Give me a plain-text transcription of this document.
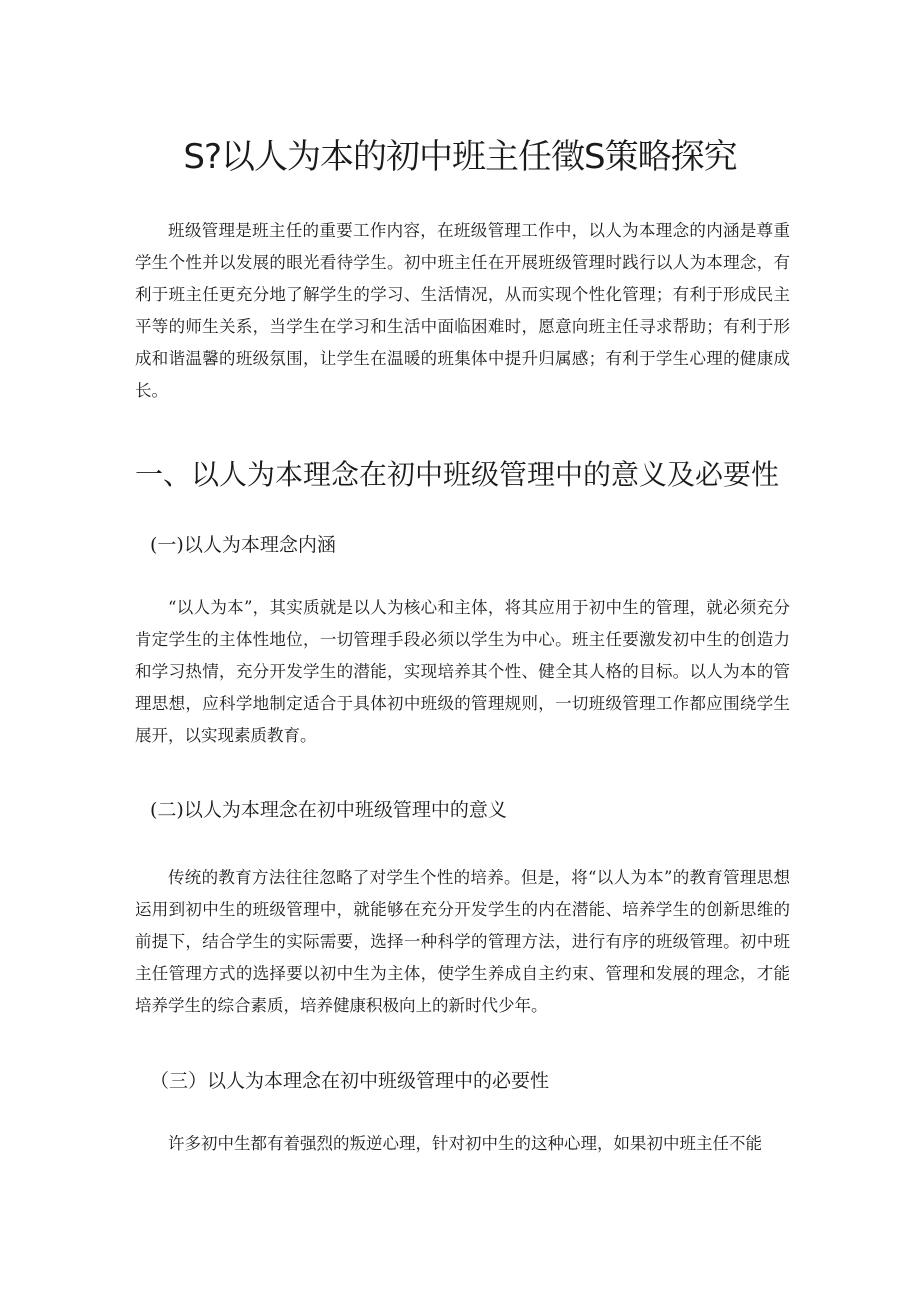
S?以人为本的初中班主任徵S策略探究

班级管理是班主任的重要工作内容，在班级管理工作中，以人为本理念的内涵是尊重学生个性并以发展的眼光看待学生。初中班主任在开展班级管理时践行以人为本理念，有利于班主任更充分地了解学生的学习、生活情况，从而实现个性化管理；有利于形成民主平等的师生关系，当学生在学习和生活中面临困难时，愿意向班主任寻求帮助；有利于形成和谐温馨的班级氛围，让学生在温暖的班集体中提升归属感；有利于学生心理的健康成长。

一、以人为本理念在初中班级管理中的意义及必要性
(一)以人为本理念内涵

“以人为本”，其实质就是以人为核心和主体，将其应用于初中生的管理，就必须充分肯定学生的主体性地位，一切管理手段必须以学生为中心。班主任要激发初中生的创造力和学习热情，充分开发学生的潜能，实现培养其个性、健全其人格的目标。以人为本的管理思想，应科学地制定适合于具体初中班级的管理规则，一切班级管理工作都应围绕学生展开，以实现素质教育。

(二)以人为本理念在初中班级管理中的意义

传统的教育方法往往忽略了对学生个性的培养。但是，将“以人为本”的教育管理思想运用到初中生的班级管理中，就能够在充分开发学生的内在潜能、培养学生的创新思维的前提下，结合学生的实际需要，选择一种科学的管理方法，进行有序的班级管理。初中班主任管理方式的选择要以初中生为主体，使学生养成自主约束、管理和发展的理念，才能培养学生的综合素质，培养健康积极向上的新时代少年。

（三）以人为本理念在初中班级管理中的必要性

许多初中生都有着强烈的叛逆心理，针对初中生的这种心理，如果初中班主任不能
